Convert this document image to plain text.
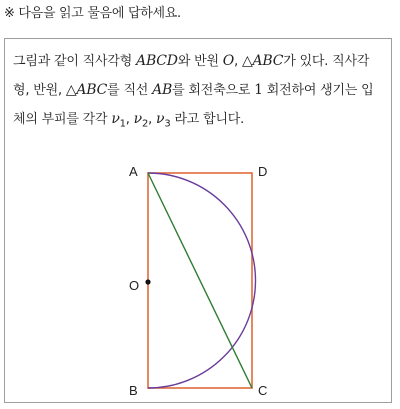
※ 다음을 읽고 물음에 답하세요.

그림과 같이 직사각형 ABCD와 반원 O, △ABC가 있다. 직사각형, 반원, △ABC를 직선 AB를 회전축으로 1 회전하여 생기는 입체의 부피를 각각 $\nu_1$, $\nu_2$, $\nu_3$ 라고 합니다.

A	D
O
B	C
